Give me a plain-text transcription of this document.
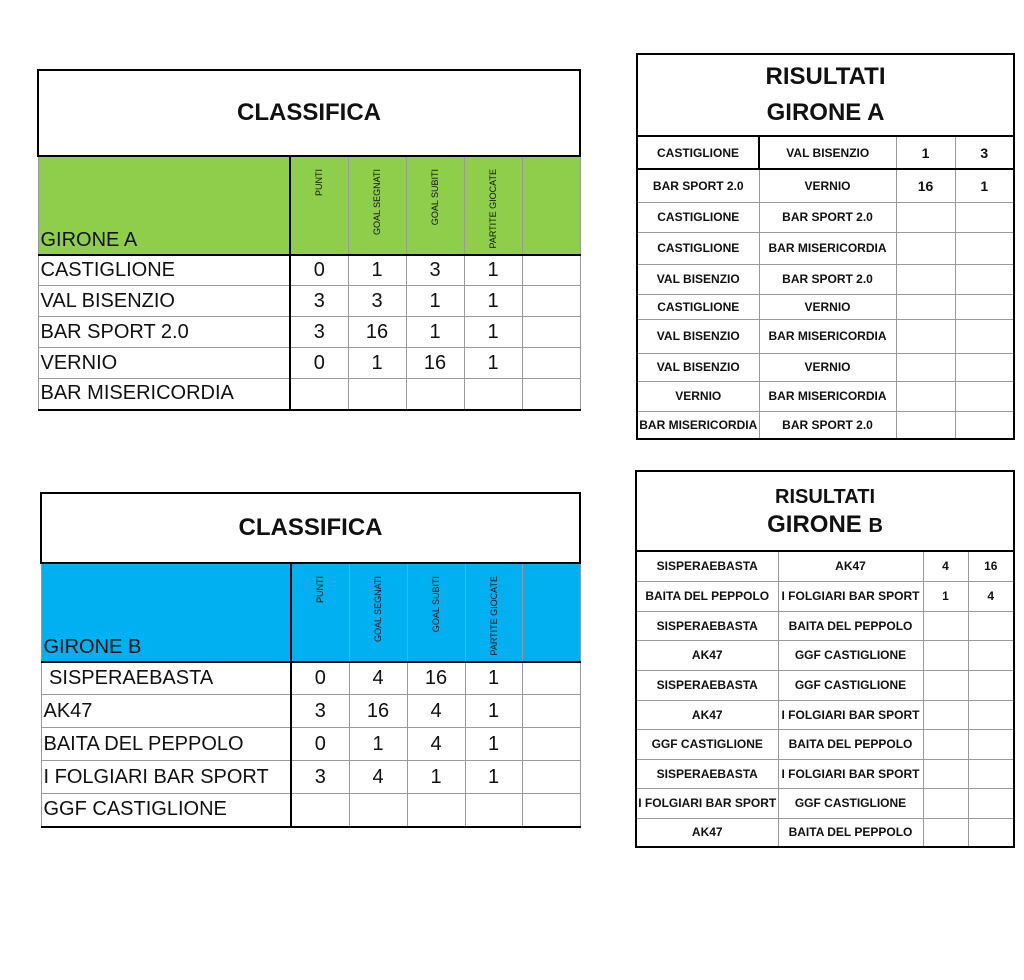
CLASSIFICA					
GIRONE A	PUNTI	GOAL SEGNATI	GOAL SUBITI	PARTITE GIOCATE	
CASTIGLIONE	0	1	3	1	
VAL BISENZIO	3	3	1	1	
BAR SPORT 2.0	3	16	1	1	
VERNIO	0	1	16	1	
BAR MISERICORDIA					
CLASSIFICA					
GIRONE B	PUNTI	GOAL SEGNATI	GOAL SUBITI	PARTITE GIOCATE	
SISPERAEBASTA	0	4	16	1	
AK47	3	16	4	1	
BAITA DEL PEPPOLO	0	1	4	1	
I FOLGIARI BAR SPORT	3	4	1	1	
GGF CASTIGLIONE					
RISULTATI
GIRONE A			

CASTIGLIONE	VAL BISENZIO	1	3
BAR SPORT 2.0	VERNIO	16	1
CASTIGLIONE	BAR SPORT 2.0		
CASTIGLIONE	BAR MISERICORDIA		
VAL BISENZIO	BAR SPORT 2.0		
CASTIGLIONE	VERNIO		
VAL BISENZIO	BAR MISERICORDIA		
VAL BISENZIO	VERNIO		
VERNIO	BAR MISERICORDIA		
BAR MISERICORDIA	BAR SPORT 2.0		
RISULTATI
GIRONE B			

SISPERAEBASTA	AK47	4	16
BAITA DEL PEPPOLO	I FOLGIARI BAR SPORT	1	4
SISPERAEBASTA	BAITA DEL PEPPOLO		
AK47	GGF CASTIGLIONE		
SISPERAEBASTA	GGF CASTIGLIONE		
AK47	I FOLGIARI BAR SPORT		
GGF CASTIGLIONE	BAITA DEL PEPPOLO		
SISPERAEBASTA	I FOLGIARI BAR SPORT		
I FOLGIARI BAR SPORT	GGF CASTIGLIONE		
AK47	BAITA DEL PEPPOLO		
